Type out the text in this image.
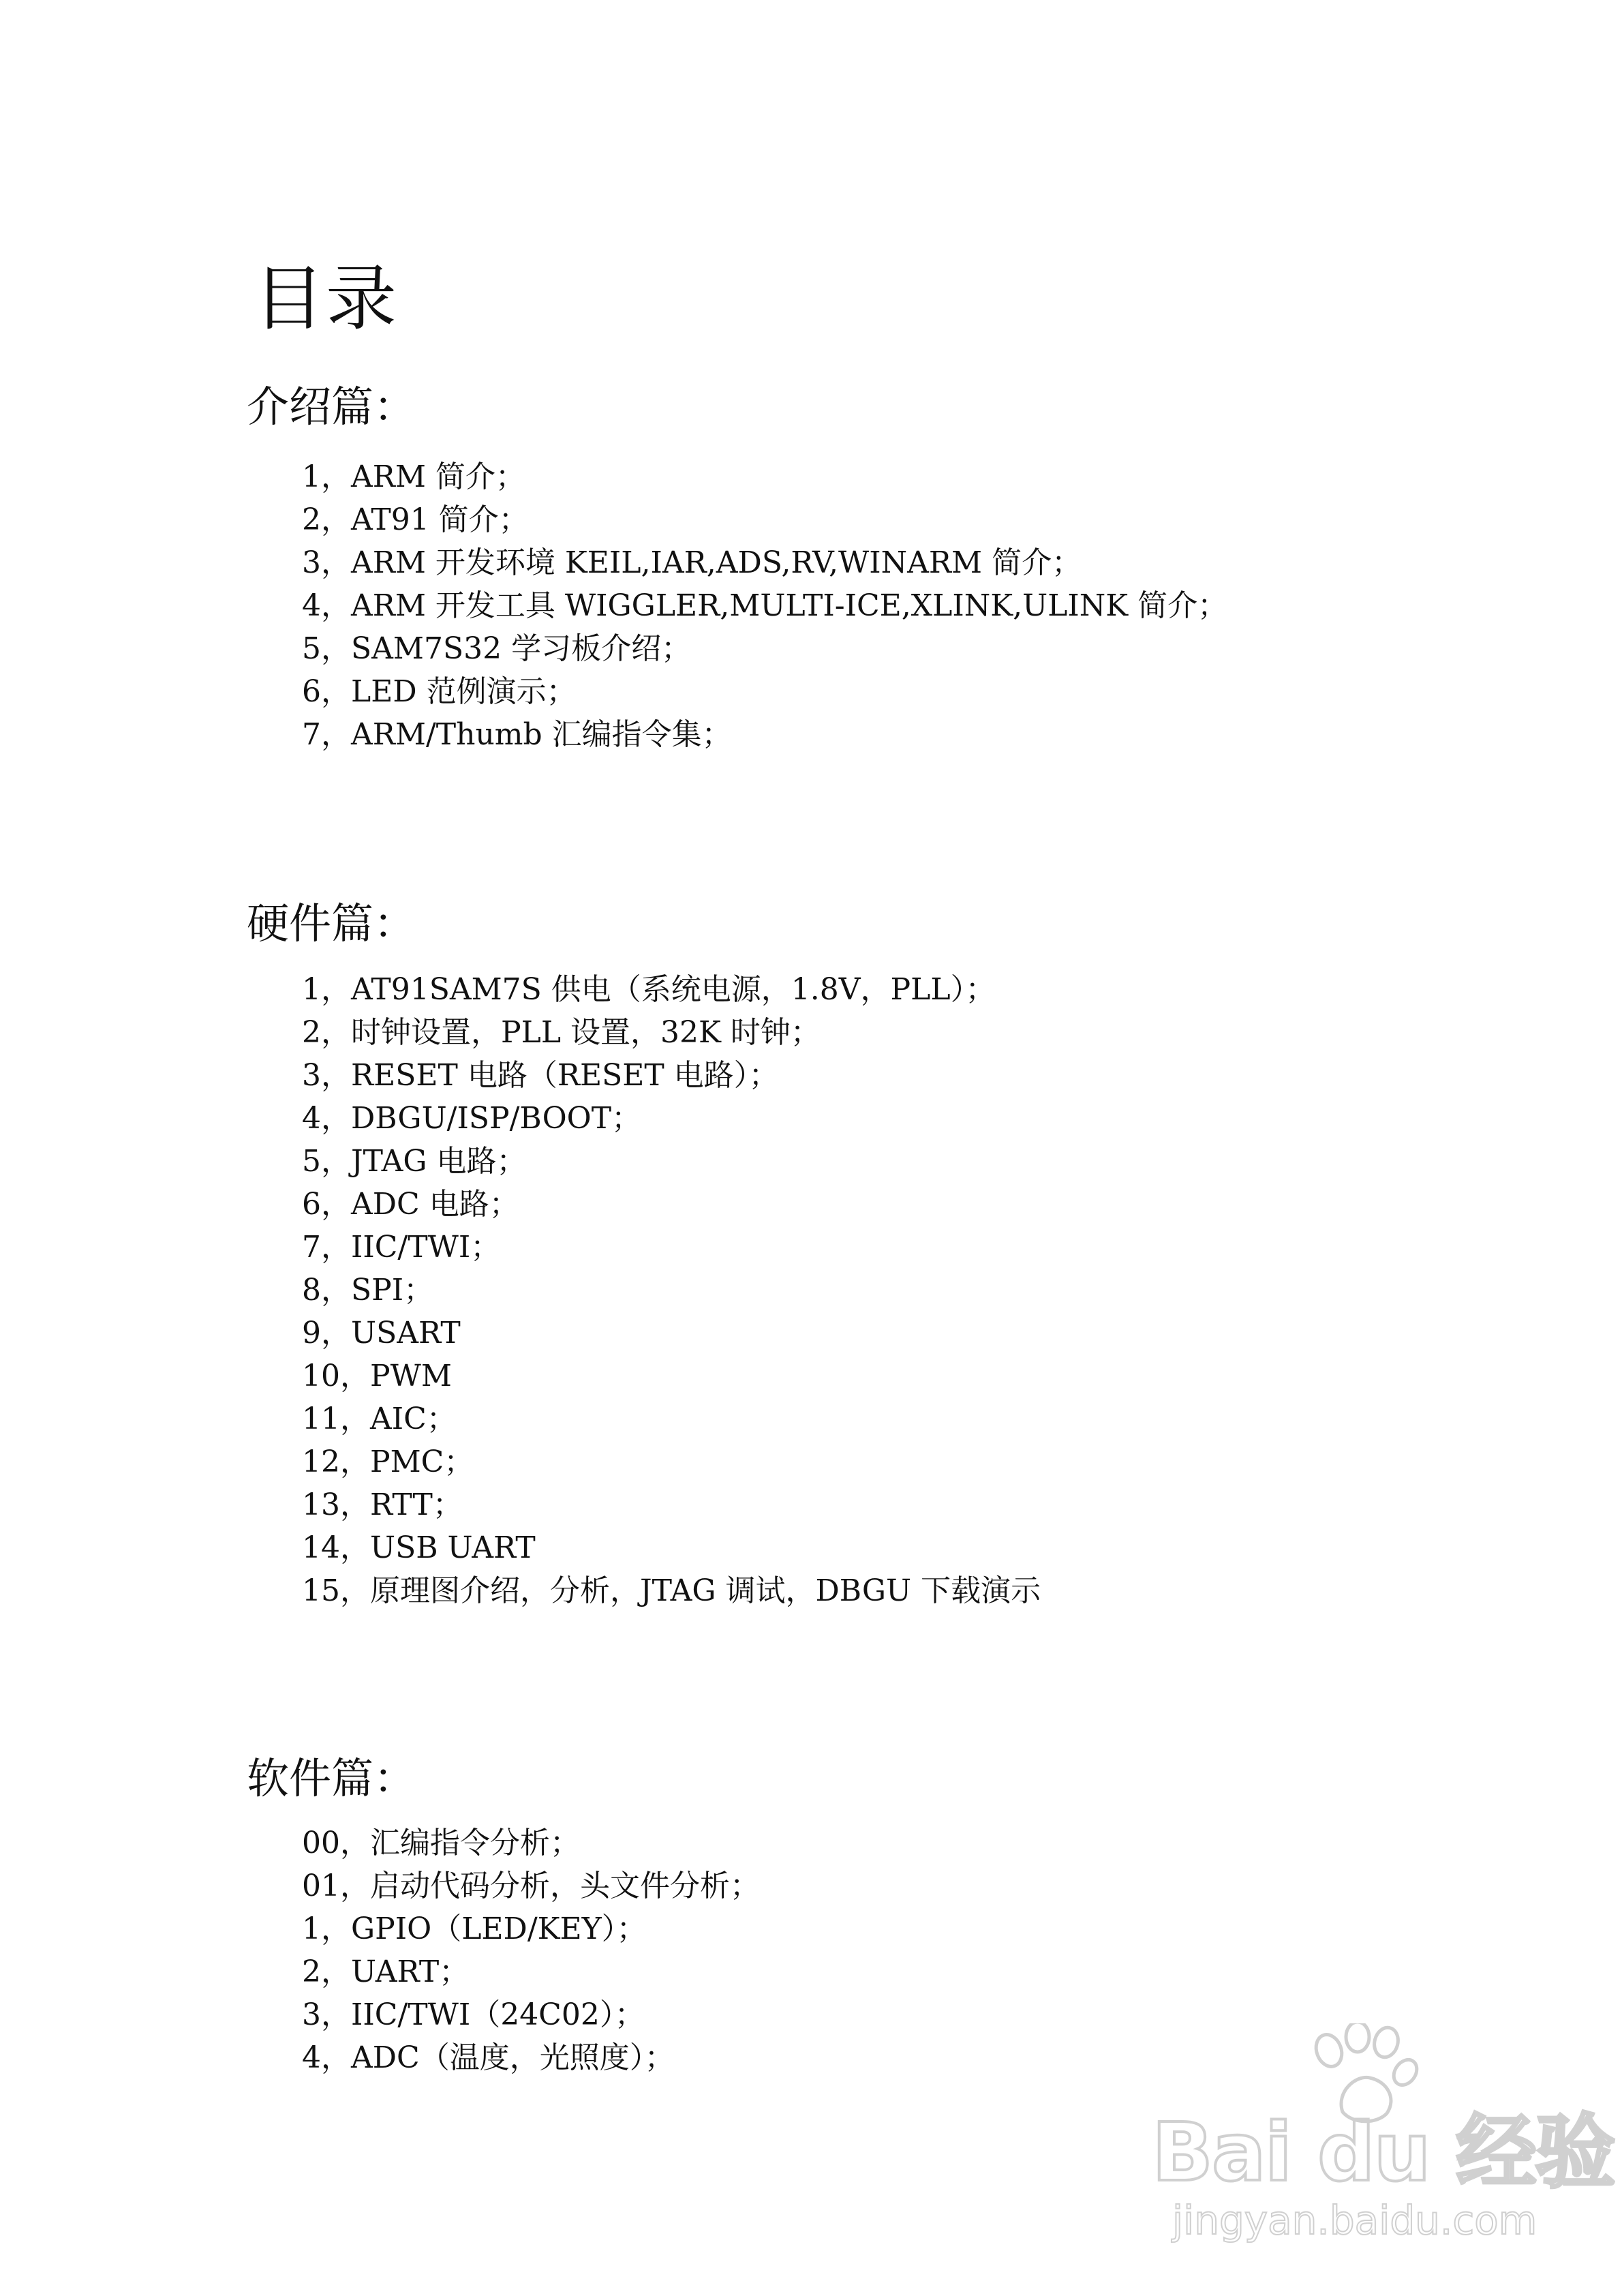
目录
介绍篇：
1，ARM 简介；
2，AT91 简介；
3，ARM 开发环境 KEIL,IAR,ADS,RV,WINARM 简介；
4，ARM 开发工具 WIGGLER,MULTI-ICE,XLINK,ULINK 简介；
5，SAM7S32 学习板介绍；
6，LED 范例演示；
7，ARM/Thumb 汇编指令集；
硬件篇：
1，AT91SAM7S 供电（系统电源，1.8V，PLL）；
2，时钟设置，PLL 设置，32K 时钟；
3，RESET 电路（RESET 电路）；
4，DBGU/ISP/BOOT；
5，JTAG 电路；
6，ADC 电路；
7，IIC/TWI；
8，SPI；
9，USART
10，PWM
11，AIC；
12，PMC；
13，RTT；
14，USB UART
15，原理图介绍，分析，JTAG 调试，DBGU 下载演示
软件篇：
00，汇编指令分析；
01，启动代码分析，头文件分析；
1，GPIO（LED/KEY）；
2，UART；
3，IIC/TWI（24C02）；
4，ADC（温度，光照度）；
Bai du 经验
jingyan.baidu.com
